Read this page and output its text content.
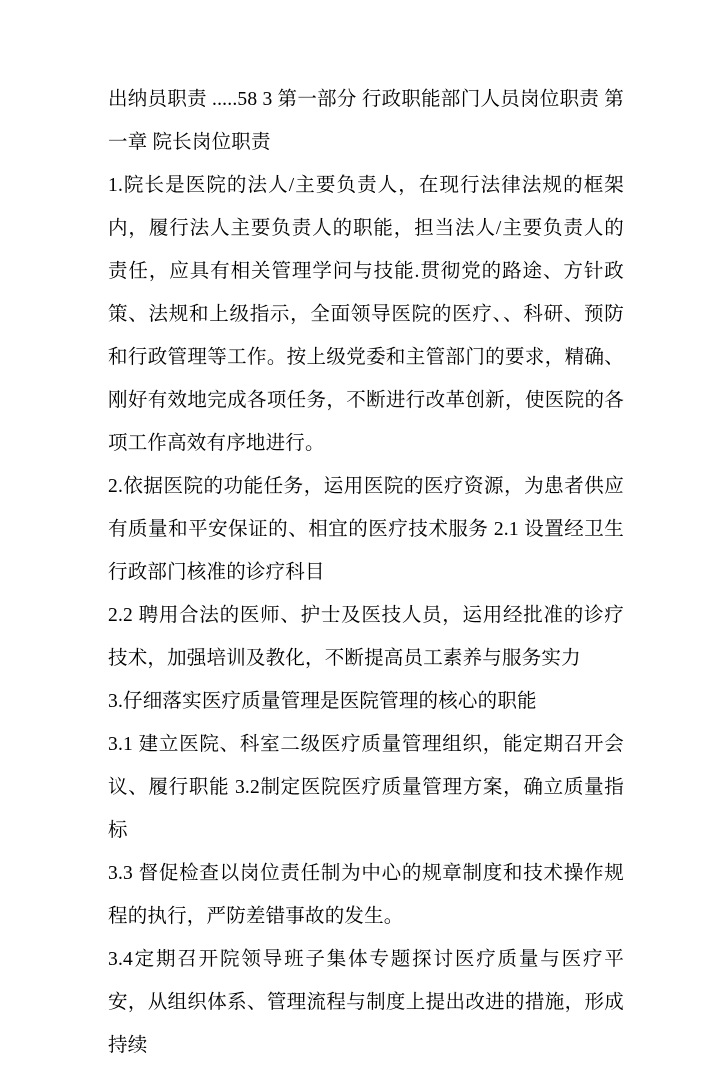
出纳员职责 .....58 3 第一部分 行政职能部门人员岗位职责 第一章 院长岗位职责

1.院长是医院的法人/主要负责人，在现行法律法规的框架内，履行法人主要负责人的职能，担当法人/主要负责人的责任，应具有相关管理学问与技能.贯彻党的路途、方针政策、法规和上级指示，全面领导医院的医疗、、科研、预防和行政管理等工作。按上级党委和主管部门的要求，精确、刚好有效地完成各项任务，不断进行改革创新，使医院的各项工作高效有序地进行。

2.依据医院的功能任务，运用医院的医疗资源，为患者供应有质量和平安保证的、相宜的医疗技术服务 2.1 设置经卫生行政部门核准的诊疗科目

2.2 聘用合法的医师、护士及医技人员，运用经批准的诊疗技术，加强培训及教化，不断提高员工素养与服务实力

3.仔细落实医疗质量管理是医院管理的核心的职能

3.1 建立医院、科室二级医疗质量管理组织，能定期召开会议、履行职能 3.2制定医院医疗质量管理方案，确立质量指标

3.3 督促检查以岗位责任制为中心的规章制度和技术操作规程的执行，严防差错事故的发生。

3.4定期召开院领导班子集体专题探讨医疗质量与医疗平安，从组织体系、管理流程与制度上提出改进的措施，形成持续
